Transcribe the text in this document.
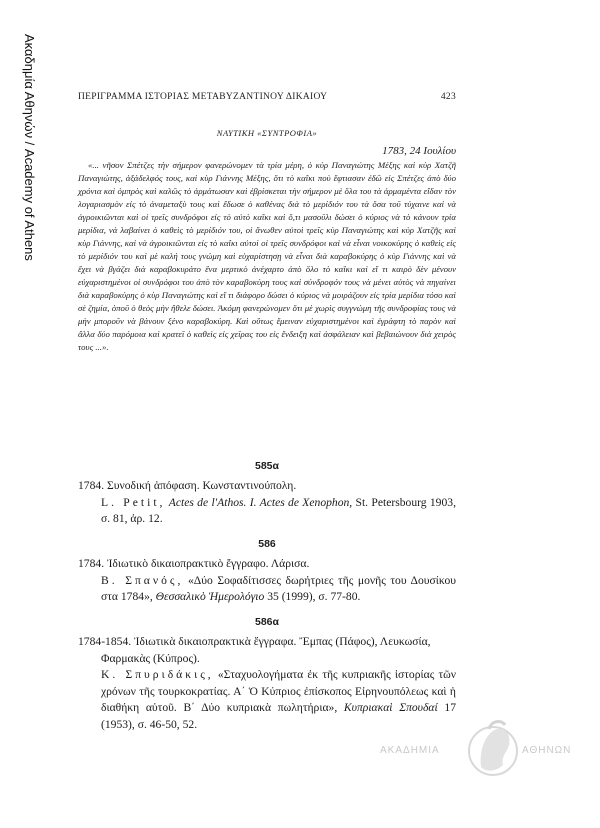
Ακαδημία Αθηνών / Academy of Athens	ΠΕΡΙΓΡΑΜΜΑ ΙΣΤΟΡΙΑΣ ΜΕΤΑΒΥΖΑΝΤΙΝΟΥ ΔΙΚΑΙΟΥ	423
ΝΑΥΤΙΚΗ «ΣΥΝΤΡΟΦΙΑ»
1783, 24 Ιουλίου

«... νῆσον Σπέτζες τὴν σήμερον φανερώνομεν τὰ τρία μέρη, ὁ κὺρ Παναγιώτης Μέξης καὶ κὺρ Χατζῆ Παναγιώτης, ἀξάδελφός τους, καὶ κὺρ Γιάννης Μέξης, ὅτι τὸ καΐκι ποὺ ἔφτιασαν ἐδῶ εἰς Σπέτζες ἀπὸ δύο χρόνια καὶ ὁμπρὸς καὶ καλῶς τὸ ἀρμάτωσαν καὶ ἐβρίσκεται τὴν σήμερον μὲ ὅλα του τὰ ἀρμαμέντα εἴδαν τὸν λογαριασμὸν εἰς τὸ ἀναμεταξὺ τους καὶ ἔδωσε ὁ καθένας διὰ τὸ μερίδιόν του τὰ ὅσα τοῦ τύχαινε καὶ νὰ ἀγροικιῶνται καὶ οἱ τρεῖς συνδρόφοι εἰς τὸ αὐτὸ καΐκι καὶ ὅ,τι μασοῦλι δώσει ὁ κύριος νὰ τὸ κάνουν τρία μερίδια, νὰ λαβαίνει ὁ καθεὶς τὸ μερίδιόν του, οἱ ἄνωθεν αὐτοὶ τρεῖς κὺρ Παναγιώτης καὶ κὺρ Χατζῆς καὶ κὺρ Γιάννης, καὶ νὰ ἀγροικιῶνται εἰς τὸ καΐκι αὐτοὶ οἱ τρεῖς συνδρόφοι καὶ νὰ εἶναι νοικοκύρης ὁ καθεὶς εἰς τὸ μερίδιόν του καὶ μὲ καλή τους γνώμη καὶ εὐχαρίστησῃ νὰ εἶναι διὰ καραβοκύρης ὁ κὺρ Γιάννης καὶ νὰ ἔχει νὰ βγάζει διὰ καραβοκυράτο ἕνα μερτικὸ ἀνέχαρτο ἀπὸ ὅλο τὸ καΐκι καὶ εἴ τι καιρὸ δὲν μένουν εὐχαριστημένοι οἱ συνδρόφοι του ἀπὸ τὸν καραβοκύρη τους καὶ σύνδροφόν τους νὰ μένει αὐτὸς νὰ πηγαίνει διὰ καραβοκύρης ὁ κὺρ Παναγιώτης καὶ εἴ τι διάφορο δώσει ὁ κύριος νὰ μοιράζουν εἰς τρία μερίδια τόσο καὶ σὲ ζημία, ὁποῦ ὁ θεὸς μὴν ἤθελε δώσει. Ἀκόμη φανερώνομεν ὅτι μὲ χωρὶς συγγνώμη τῆς συνδροφίας τους νὰ μὴν μποροῦν νὰ βάνουν ξένο καραβοκύρη. Καὶ οὕτως ἔμειναν εὐχαριστημένοι καὶ ἐγράφτη τὸ παρὸν καὶ ἄλλα δύο παρόμοια καὶ κρατεῖ ὁ καθεὶς εἰς χεῖρας του εἰς ἔνδειξη καὶ ἀσφάλειαν καὶ βεβαιώνουν διὰ χειρὸς τους ...».

585α

1784. Συνοδική ἀπόφαση. Κωνσταντινούπολη.

L. Petit, Actes de l'Athos. I. Actes de Xenophon, St. Petersbourg 1903, σ. 81, ἀρ. 12.

586

1784. Ἰδιωτικὸ δικαιοπρακτικὸ ἔγγραφο. Λάρισα.

Β. Σπανός, «Δύο Σοφαδίτισσες δωρήτριες τῆς μονῆς του Δουσίκου στα 1784», Θεσσαλικὸ Ἡμερολόγιο 35 (1999), σ. 77-80.

586α

1784-1854. Ἰδιωτικὰ δικαιοπρακτικὰ ἔγγραφα. Ἔμπας (Πάφος), Λευκωσία, Φαρμακὰς (Κύπρος).

Κ. Σπυριδάκις, «Σταχυολογήματα ἐκ τῆς κυπριακῆς ἱστορίας τῶν χρόνων τῆς τουρκοκρατίας. Α΄ Ὁ Κύπριος ἐπίσκοπος Εἰρηνουπόλεως καὶ ἡ διαθήκη αὐτοῦ. Β΄ Δύο κυπριακὰ πωλητήρια», Κυπριακαὶ Σπουδαί 17 (1953), σ. 46-50, 52.

ΑΚΑΔΗΜΙΑ	ΑΘΗΝΩΝ
